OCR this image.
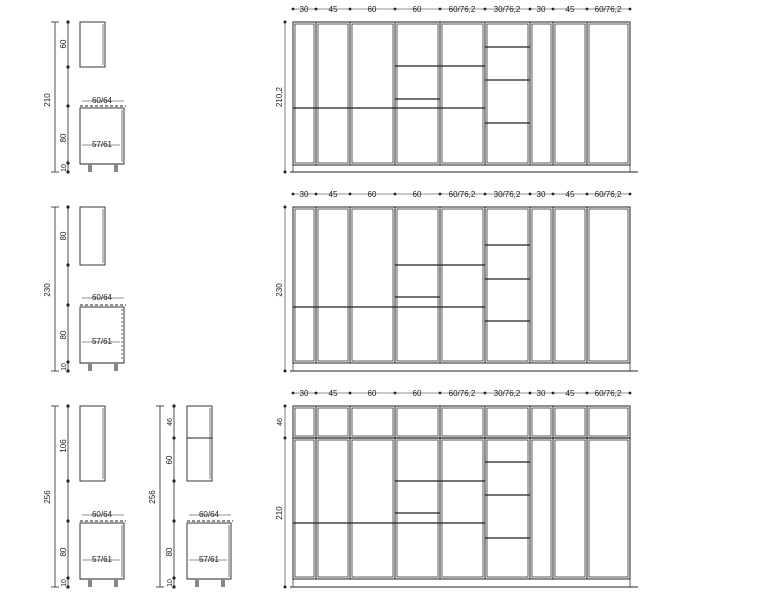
210
60
80
10
60/64
57/61
30	45	60	60	60/76,2 30/76,2 30	45	60/76,2
210,2
230
80
80
10
60/64
57/61
30	45	60	60	60/76,2 30/76,2 30	45	60/76,2
230
256
106
80
10
60/64
57/61
256
46
60
80
10
60/64
57/61
30	45	60	60	60/76,2 30/76,2 30	45	60/76,2
46
210
